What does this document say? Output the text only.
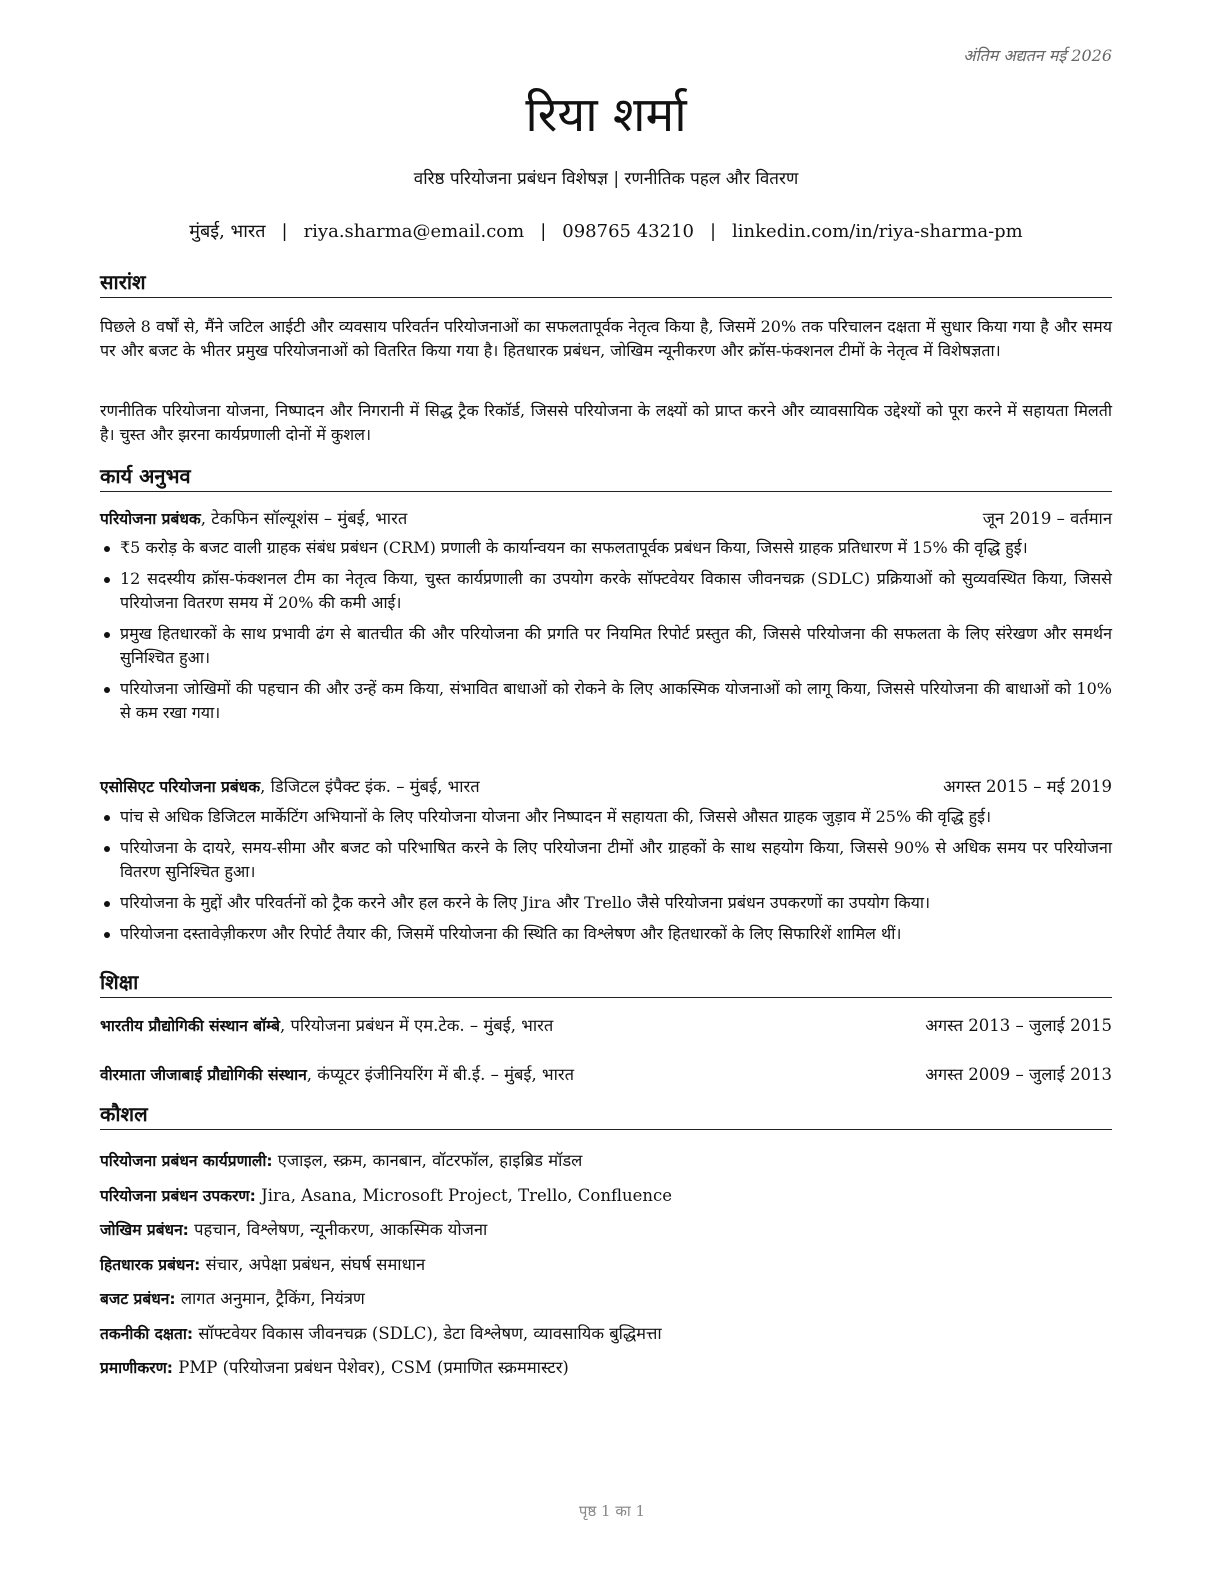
अंतिम अद्यतन मई 2026
रिया शर्मा
वरिष्ठ परियोजना प्रबंधन विशेषज्ञ | रणनीतिक पहल और वितरण
मुंबई, भारत | riya.sharma@email.com | 098765 43210 | linkedin.com/in/riya-sharma-pm
सारांश
पिछले 8 वर्षों से, मैंने जटिल आईटी और व्यवसाय परिवर्तन परियोजनाओं का सफलतापूर्वक नेतृत्व किया है, जिसमें 20% तक परिचालन दक्षता में सुधार किया गया है और समय पर और बजट के भीतर प्रमुख परियोजनाओं को वितरित किया गया है। हितधारक प्रबंधन, जोखिम न्यूनीकरण और क्रॉस-फंक्शनल टीमों के नेतृत्व में विशेषज्ञता।
रणनीतिक परियोजना योजना, निष्पादन और निगरानी में सिद्ध ट्रैक रिकॉर्ड, जिससे परियोजना के लक्ष्यों को प्राप्त करने और व्यावसायिक उद्देश्यों को पूरा करने में सहायता मिलती है। चुस्त और झरना कार्यप्रणाली दोनों में कुशल।
कार्य अनुभव
परियोजना प्रबंधक, टेकफिन सॉल्यूशंस – मुंबई, भारत	जून 2019 – वर्तमान
₹5 करोड़ के बजट वाली ग्राहक संबंध प्रबंधन (CRM) प्रणाली के कार्यान्वयन का सफलतापूर्वक प्रबंधन किया, जिससे ग्राहक प्रतिधारण में 15% की वृद्धि हुई।
12 सदस्यीय क्रॉस-फंक्शनल टीम का नेतृत्व किया, चुस्त कार्यप्रणाली का उपयोग करके सॉफ्टवेयर विकास जीवनचक्र (SDLC) प्रक्रियाओं को सुव्यवस्थित किया, जिससे परियोजना वितरण समय में 20% की कमी आई।
प्रमुख हितधारकों के साथ प्रभावी ढंग से बातचीत की और परियोजना की प्रगति पर नियमित रिपोर्ट प्रस्तुत की, जिससे परियोजना की सफलता के लिए संरेखण और समर्थन सुनिश्चित हुआ।
परियोजना जोखिमों की पहचान की और उन्हें कम किया, संभावित बाधाओं को रोकने के लिए आकस्मिक योजनाओं को लागू किया, जिससे परियोजना की बाधाओं को 10% से कम रखा गया।
एसोसिएट परियोजना प्रबंधक, डिजिटल इंपैक्ट इंक. – मुंबई, भारत	अगस्त 2015 – मई 2019
पांच से अधिक डिजिटल मार्केटिंग अभियानों के लिए परियोजना योजना और निष्पादन में सहायता की, जिससे औसत ग्राहक जुड़ाव में 25% की वृद्धि हुई।
परियोजना के दायरे, समय-सीमा और बजट को परिभाषित करने के लिए परियोजना टीमों और ग्राहकों के साथ सहयोग किया, जिससे 90% से अधिक समय पर परियोजना वितरण सुनिश्चित हुआ।
परियोजना के मुद्दों और परिवर्तनों को ट्रैक करने और हल करने के लिए Jira और Trello जैसे परियोजना प्रबंधन उपकरणों का उपयोग किया।
परियोजना दस्तावेज़ीकरण और रिपोर्ट तैयार की, जिसमें परियोजना की स्थिति का विश्लेषण और हितधारकों के लिए सिफारिशें शामिल थीं।
शिक्षा
भारतीय प्रौद्योगिकी संस्थान बॉम्बे, परियोजना प्रबंधन में एम.टेक. – मुंबई, भारत	अगस्त 2013 – जुलाई 2015
वीरमाता जीजाबाई प्रौद्योगिकी संस्थान, कंप्यूटर इंजीनियरिंग में बी.ई. – मुंबई, भारत	अगस्त 2009 – जुलाई 2013
कौशल
परियोजना प्रबंधन कार्यप्रणाली: एजाइल, स्क्रम, कानबान, वॉटरफॉल, हाइब्रिड मॉडल
परियोजना प्रबंधन उपकरण: Jira, Asana, Microsoft Project, Trello, Confluence
जोखिम प्रबंधन: पहचान, विश्लेषण, न्यूनीकरण, आकस्मिक योजना
हितधारक प्रबंधन: संचार, अपेक्षा प्रबंधन, संघर्ष समाधान
बजट प्रबंधन: लागत अनुमान, ट्रैकिंग, नियंत्रण
तकनीकी दक्षता: सॉफ्टवेयर विकास जीवनचक्र (SDLC), डेटा विश्लेषण, व्यावसायिक बुद्धिमत्ता
प्रमाणीकरण: PMP (परियोजना प्रबंधन पेशेवर), CSM (प्रमाणित स्क्रममास्टर)
पृष्ठ 1 का 1
